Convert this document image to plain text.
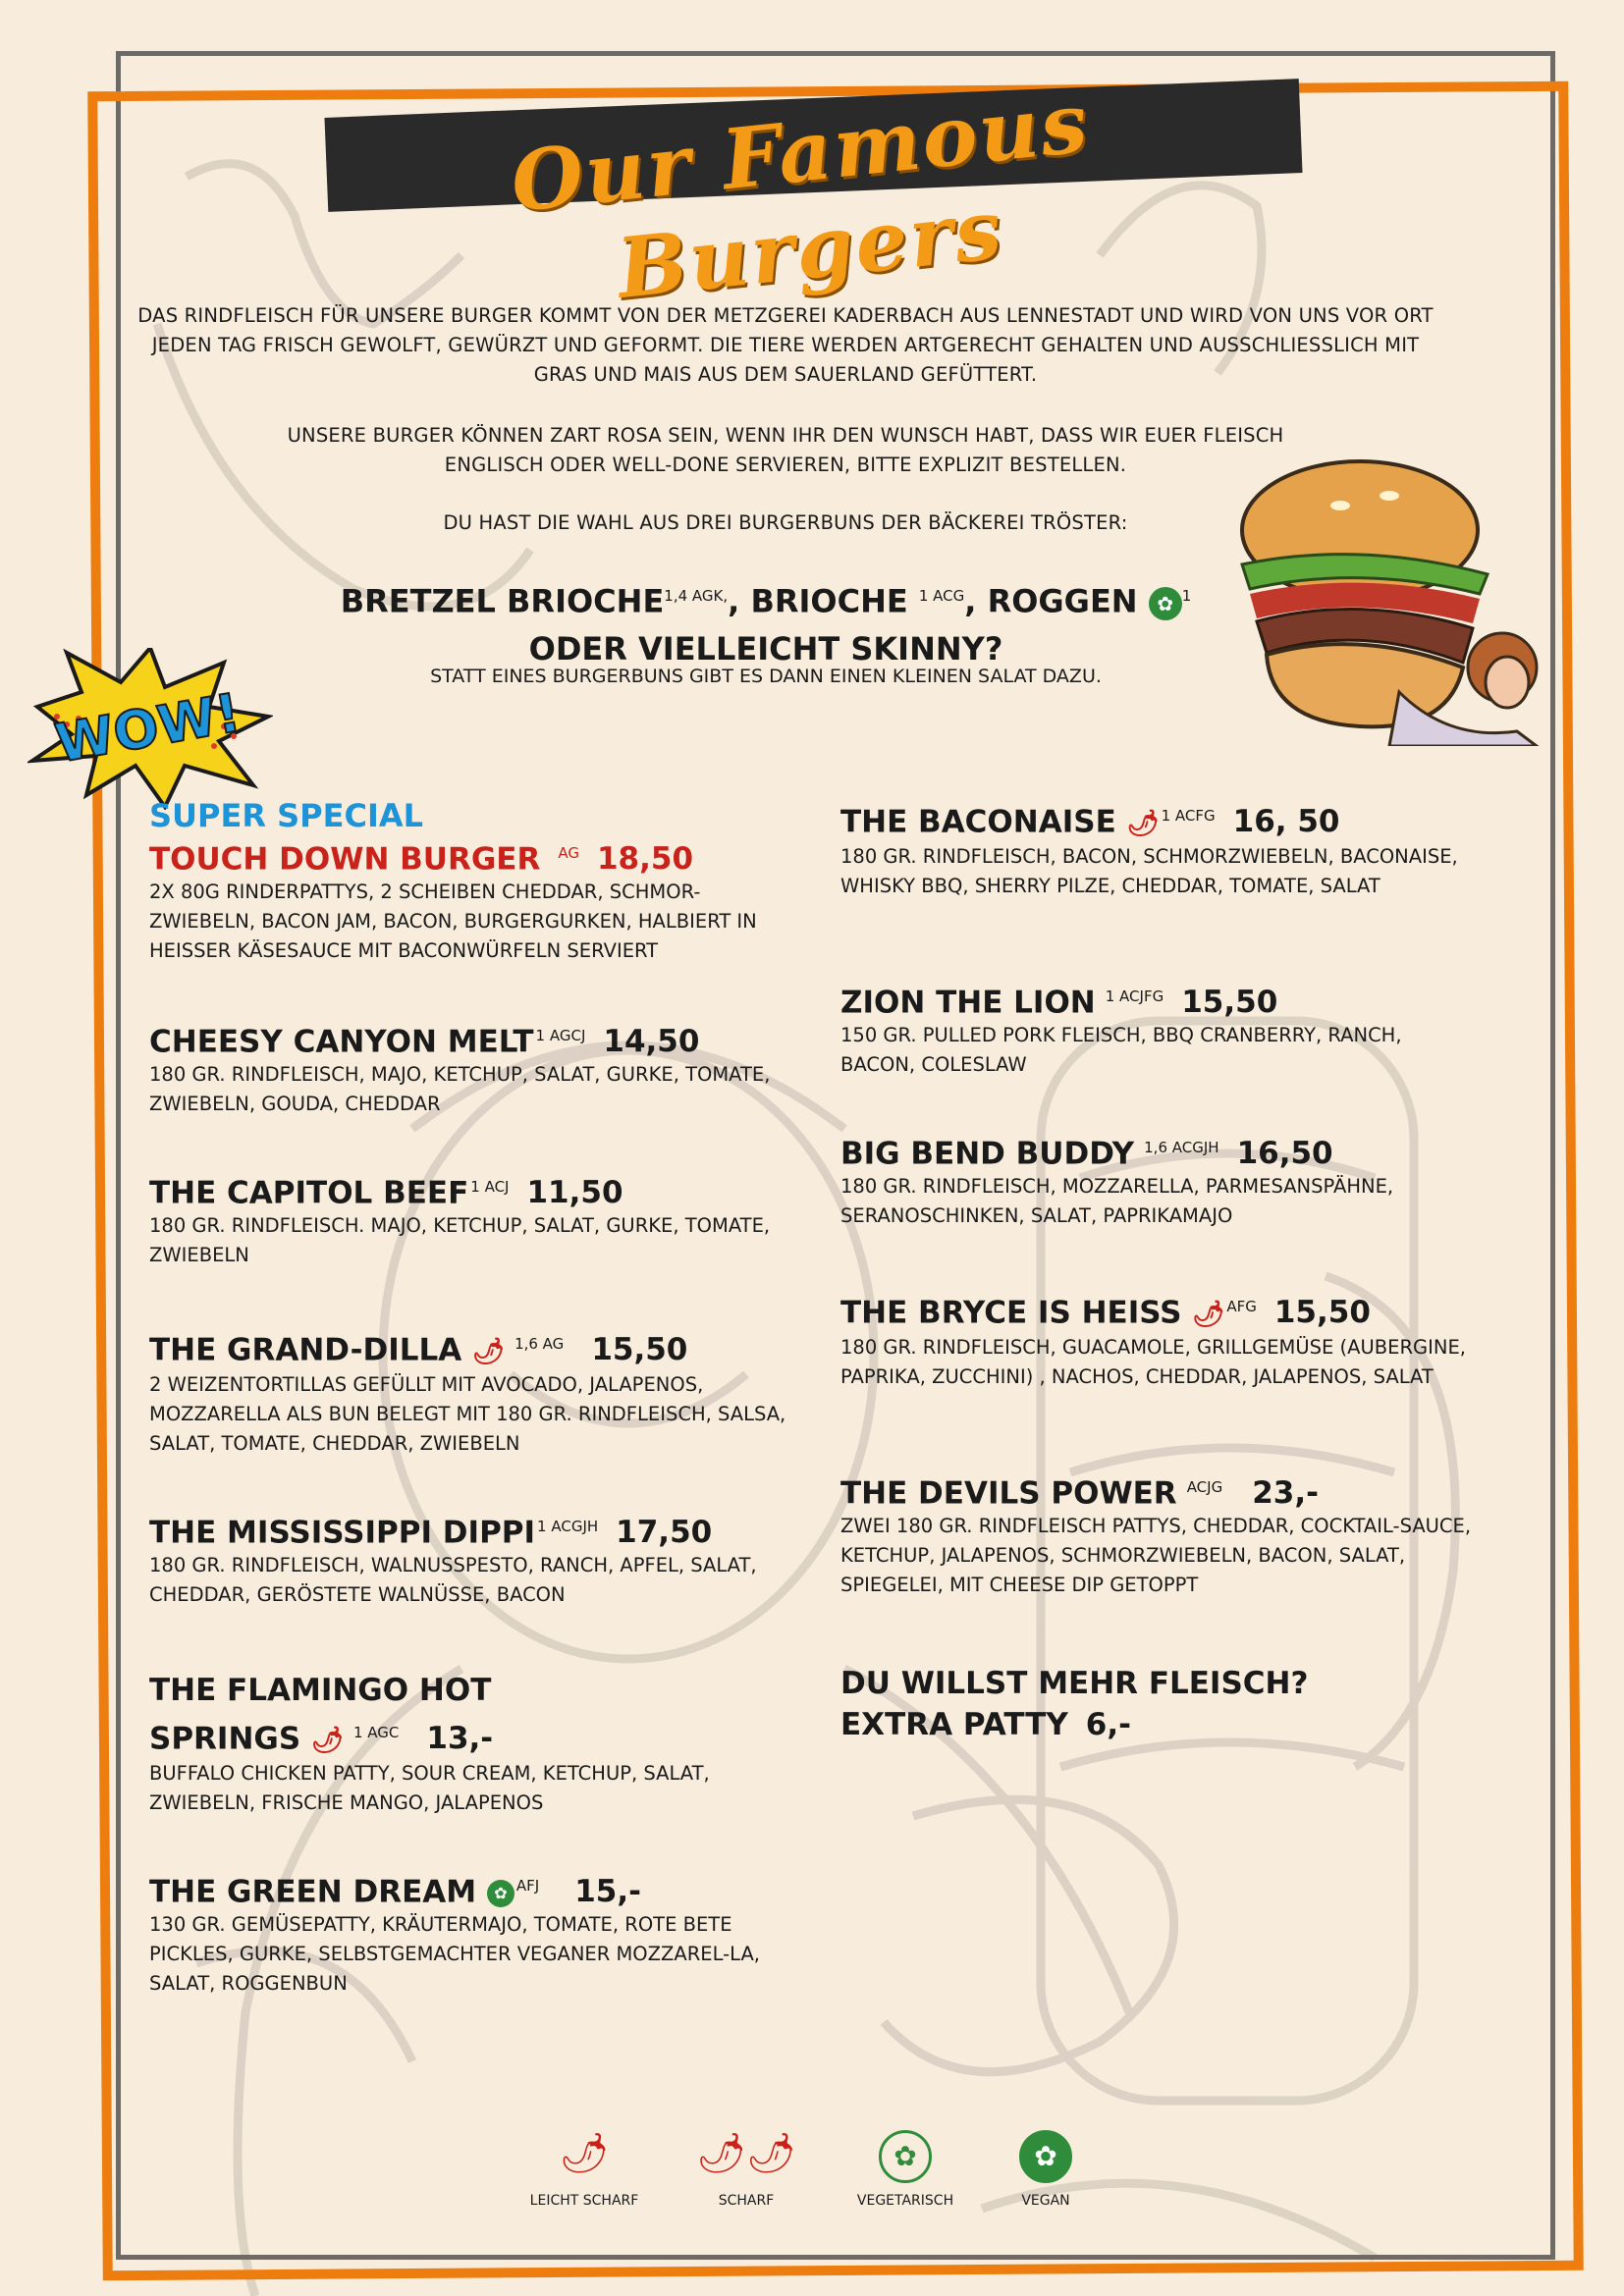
Our Famous Burgers
DAS RINDFLEISCH FÜR UNSERE BURGER KOMMT VON DER METZGEREI KADERBACH AUS LENNESTADT UND WIRD VON UNS VOR ORT JEDEN TAG FRISCH GEWOLFT, GEWÜRZT UND GEFORMT. DIE TIERE WERDEN ARTGERECHT GEHALTEN UND AUSSCHLIESSLICH MIT GRAS UND MAIS AUS DEM SAUERLAND GEFÜTTERT.
UNSERE BURGER KÖNNEN ZART ROSA SEIN, WENN IHR DEN WUNSCH HABT, DASS WIR EUER FLEISCH ENGLISCH ODER WELL-DONE SERVIEREN, BITTE EXPLIZIT BESTELLEN.
DU HAST DIE WAHL AUS DREI BURGERBUNS DER BÄCKEREI TRÖSTER:
BRETZEL $BRIOCHE^{1,4 AGK,}$, BRIOCHE $^{1 ACG}$, ROGGEN ✿ $^1$
ODER VIELLEICHT SKINNY?
STATT EINES BURGERBUNS GIBT ES DANN EINEN KLEINEN SALAT DAZU.
WOW!
SUPER SPECIAL
TOUCH DOWN BURGER $^{AG}$ 18,50
2X 80G RINDERPATTYS, 2 SCHEIBEN CHEDDAR, SCHMOR-ZWIEBELN, BACON JAM, BACON, BURGERGURKEN, HALBIERT IN HEISSER KÄSESAUCE MIT BACONWÜRFELN SERVIERT
CHEESY CANYON MELT $^{1 AGCJ}$ 14,50
180 GR. RINDFLEISCH, MAJO, KETCHUP, SALAT, GURKE, TOMATE, ZWIEBELN, GOUDA, CHEDDAR
THE CAPITOL BEEF $^{1 ACJ}$ 11,50
180 GR. RINDFLEISCH. MAJO, KETCHUP, SALAT, GURKE, TOMATE, ZWIEBELN
THE GRAND-DILLA 🌶 $^{1,6 AG}$ 15,50
2 WEIZENTORTILLAS GEFÜLLT MIT AVOCADO, JALAPENOS, MOZZARELLA ALS BUN BELEGT MIT 180 GR. RINDFLEISCH, SALSA, SALAT, TOMATE, CHEDDAR, ZWIEBELN
THE MISSISSIPPI DIPPI $^{1 ACGJH}$ 17,50
180 GR. RINDFLEISCH, WALNUSSPESTO, RANCH, APFEL, SALAT, CHEDDAR, GERÖSTETE WALNÜSSE, BACON
THE FLAMINGO HOT
SPRINGS 🌶 $^{1 AGC}$ 13,-
BUFFALO CHICKEN PATTY, SOUR CREAM, KETCHUP, SALAT, ZWIEBELN, FRISCHE MANGO, JALAPENOS
THE GREEN DREAM ✿ $^{AFJ}$ 15,-
130 GR. GEMÜSEPATTY, KRÄUTERMAJO, TOMATE, ROTE BETE PICKLES, GURKE, SELBSTGEMACHTER VEGANER MOZZAREL-LA, SALAT, ROGGENBUN
THE BACONAISE 🌶 $^{1 ACFG}$ 16, 50
180 GR. RINDFLEISCH, BACON, SCHMORZWIEBELN, BACONAISE, WHISKY BBQ, SHERRY PILZE, CHEDDAR, TOMATE, SALAT
ZION THE LION $^{1 ACJFG}$ 15,50
150 GR. PULLED PORK FLEISCH, BBQ CRANBERRY, RANCH, BACON, COLESLAW
BIG BEND BUDDY $^{1,6 ACGJH}$ 16,50
180 GR. RINDFLEISCH, MOZZARELLA, PARMESANSPÄHNE, SERANOSCHINKEN, SALAT, PAPRIKAMAJO
THE BRYCE IS HEISS 🌶 $^{AFG}$ 15,50
180 GR. RINDFLEISCH, GUACAMOLE, GRILLGEMÜSE (AUBERGINE, PAPRIKA, ZUCCHINI) , NACHOS, CHEDDAR, JALAPENOS, SALAT
THE DEVILS POWER $^{ACJG}$ 23,-
ZWEI 180 GR. RINDFLEISCH PATTYS, CHEDDAR, COCKTAIL-SAUCE, KETCHUP, JALAPENOS, SCHMORZWIEBELN, BACON, SALAT, SPIEGELEI, MIT CHEESE DIP GETOPPT
DU WILLST MEHR FLEISCH?
EXTRA PATTY 6,-
🌶
LEICHT SCHARF
🌶🌶
SCHARF
✿
VEGETARISCH
✿
VEGAN
